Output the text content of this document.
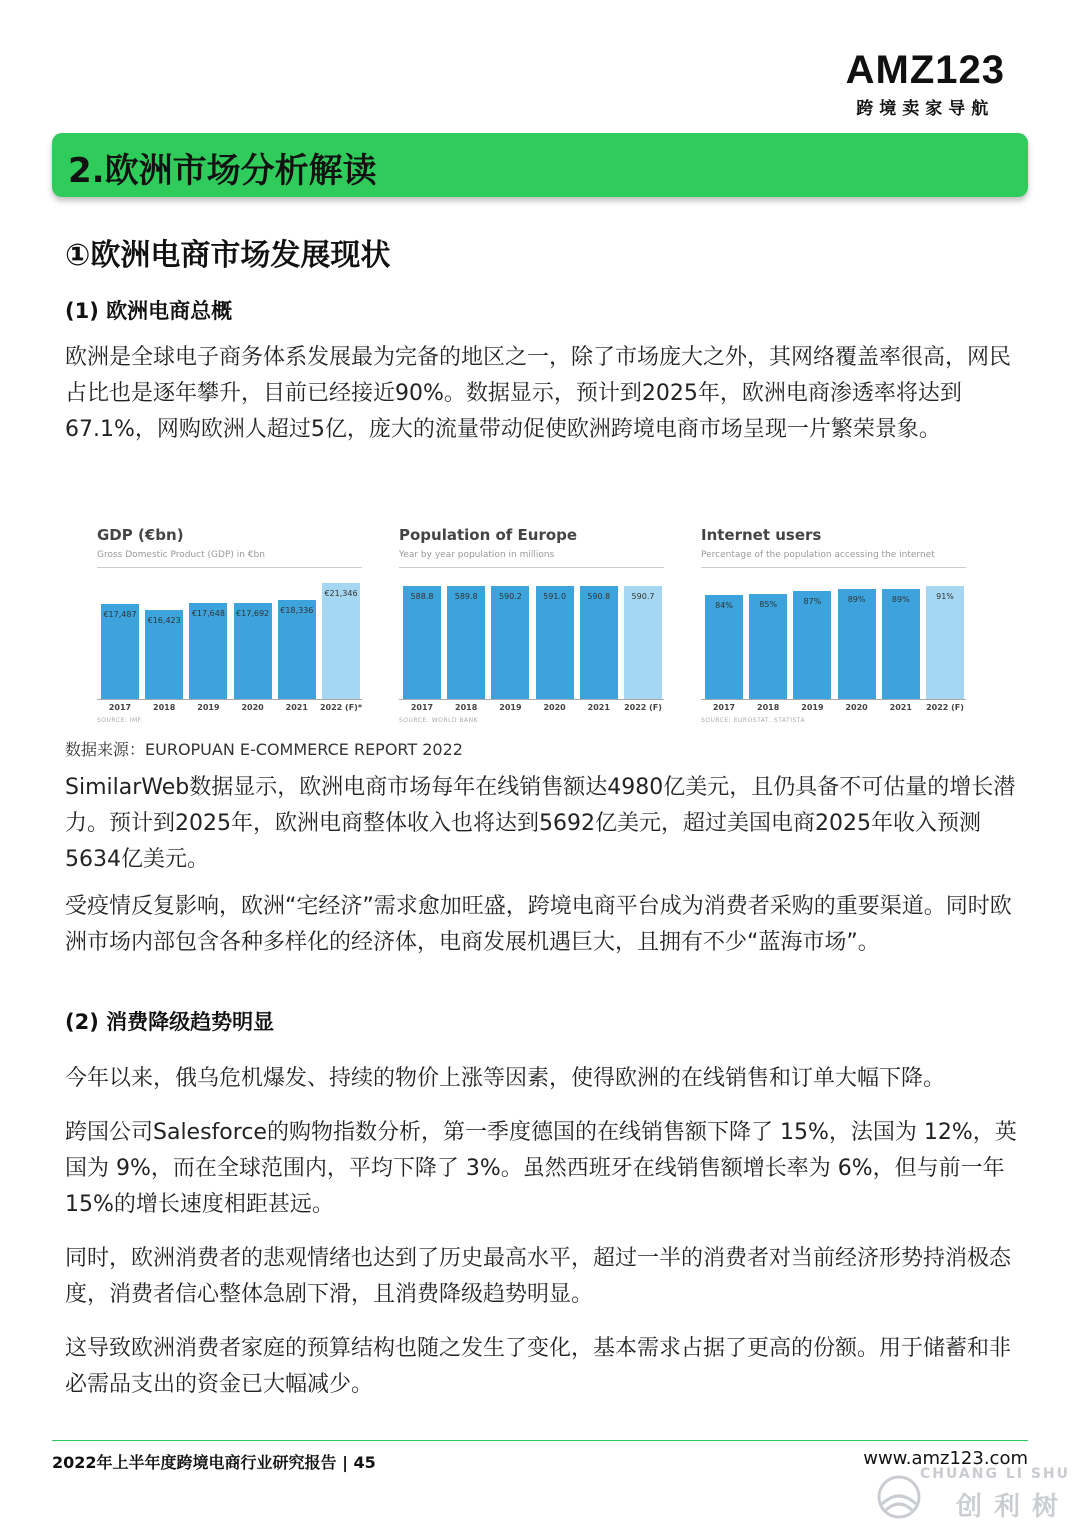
AMZ123
跨境卖家导航
2.欧洲市场分析解读
①欧洲电商市场发展现状
(1) 欧洲电商总概
欧洲是全球电子商务体系发展最为完备的地区之一，除了市场庞大之外，其网络覆盖率很高，网民占比也是逐年攀升，目前已经接近90%。数据显示，预计到2025年，欧洲电商渗透率将达到67.1%，网购欧洲人超过5亿，庞大的流量带动促使欧洲跨境电商市场呈现一片繁荣景象。
GDP (€bn)
Gross Domestic Product (GDP) in €bn
€17,487
2017
€16,423
2018
€17,648
2019
€17,692
2020
€18,336
2021
€21,346
2022 (F)*
SOURCE: IMF
Population of Europe
Year by year population in millions
588.8
2017
589.8
2018
590.2
2019
591.0
2020
590.8
2021
590.7
2022 (F)
SOURCE: WORLD BANK
Internet users
Percentage of the population accessing the internet
84%
2017
85%
2018
87%
2019
89%
2020
89%
2021
91%
2022 (F)
SOURCE: EUROSTAT, STATISTA
数据来源：EUROPUAN E-COMMERCE REPORT 2022
SimilarWeb数据显示，欧洲电商市场每年在线销售额达4980亿美元，且仍具备不可估量的增长潜力。预计到2025年，欧洲电商整体收入也将达到5692亿美元，超过美国电商2025年收入预测5634亿美元。
受疫情反复影响，欧洲“宅经济”需求愈加旺盛，跨境电商平台成为消费者采购的重要渠道。同时欧洲市场内部包含各种多样化的经济体，电商发展机遇巨大，且拥有不少“蓝海市场”。
(2) 消费降级趋势明显
今年以来，俄乌危机爆发、持续的物价上涨等因素，使得欧洲的在线销售和订单大幅下降。
跨国公司Salesforce的购物指数分析，第一季度德国的在线销售额下降了 15%，法国为 12%，英国为 9%，而在全球范围内，平均下降了 3%。虽然西班牙在线销售额增长率为 6%，但与前一年15%的增长速度相距甚远。
同时，欧洲消费者的悲观情绪也达到了历史最高水平，超过一半的消费者对当前经济形势持消极态度，消费者信心整体急剧下滑，且消费降级趋势明显。
这导致欧洲消费者家庭的预算结构也随之发生了变化，基本需求占据了更高的份额。用于储蓄和非必需品支出的资金已大幅减少。
2022年上半年度跨境电商行业研究报告 | 45	www.amz123.com
CHUANG LI SHU
创利树
